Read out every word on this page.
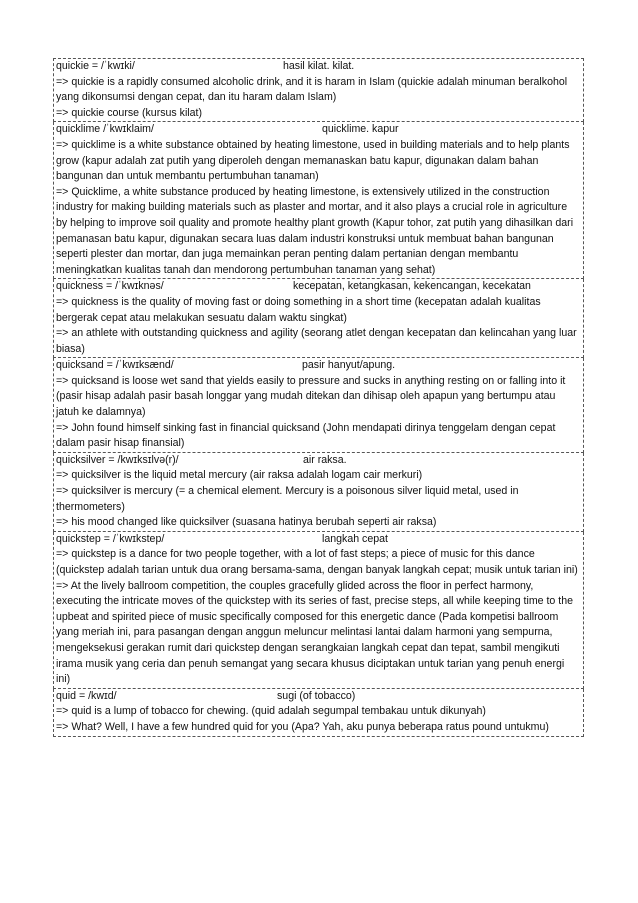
quickie = /ˈkwɪki/	hasil kilat. kilat.
=> quickie is a rapidly consumed alcoholic drink, and it is haram in Islam (quickie adalah minuman beralkohol yang dikonsumsi dengan cepat, dan itu haram dalam Islam)
=> quickie course (kursus kilat)

quicklime /ˈkwɪklaim/	quicklime. kapur
=> quicklime is a white substance obtained by heating limestone, used in building materials and to help plants grow (kapur adalah zat putih yang diperoleh dengan memanaskan batu kapur, digunakan dalam bahan bangunan dan untuk membantu pertumbuhan tanaman)
=> Quicklime, a white substance produced by heating limestone, is extensively utilized in the construction industry for making building materials such as plaster and mortar, and it also plays a crucial role in agriculture by helping to improve soil quality and promote healthy plant growth (Kapur tohor, zat putih yang dihasilkan dari pemanasan batu kapur, digunakan secara luas dalam industri konstruksi untuk membuat bahan bangunan seperti plester dan mortar, dan juga memainkan peran penting dalam pertanian dengan membantu meningkatkan kualitas tanah dan mendorong pertumbuhan tanaman yang sehat)

quickness = /ˈkwɪknəs/	kecepatan, ketangkasan, kekencangan, kecekatan
=> quickness is the quality of moving fast or doing something in a short time (kecepatan adalah kualitas bergerak cepat atau melakukan sesuatu dalam waktu singkat)
=> an athlete with outstanding quickness and agility (seorang atlet dengan kecepatan dan kelincahan yang luar biasa)

quicksand = /ˈkwɪksænd/	pasir hanyut/apung.
=> quicksand is loose wet sand that yields easily to pressure and sucks in anything resting on or falling into it (pasir hisap adalah pasir basah longgar yang mudah ditekan dan dihisap oleh apapun yang bertumpu atau jatuh ke dalamnya)
=> John found himself sinking fast in financial quicksand (John mendapati dirinya tenggelam dengan cepat dalam pasir hisap finansial)

quicksilver = /kwɪksɪlvə(r)/	air raksa.
=> quicksilver is the liquid metal mercury (air raksa adalah logam cair merkuri)
=> quicksilver is mercury (= a chemical element. Mercury is a poisonous silver liquid metal, used in thermometers)
=> his mood changed like quicksilver (suasana hatinya berubah seperti air raksa)

quickstep = /ˈkwɪkstep/	langkah cepat
=> quickstep is a dance for two people together, with a lot of fast steps; a piece of music for this dance (quickstep adalah tarian untuk dua orang bersama-sama, dengan banyak langkah cepat; musik untuk tarian ini)
=> At the lively ballroom competition, the couples gracefully glided across the floor in perfect harmony, executing the intricate moves of the quickstep with its series of fast, precise steps, all while keeping time to the upbeat and spirited piece of music specifically composed for this energetic dance (Pada kompetisi ballroom yang meriah ini, para pasangan dengan anggun meluncur melintasi lantai dalam harmoni yang sempurna, mengeksekusi gerakan rumit dari quickstep dengan serangkaian langkah cepat dan tepat, sambil mengikuti irama musik yang ceria dan penuh semangat yang secara khusus diciptakan untuk tarian yang penuh energi ini)

quid = /kwɪd/	sugi (of tobacco)
=> quid is a lump of tobacco for chewing. (quid adalah segumpal tembakau untuk dikunyah)
=> What? Well, I have a few hundred quid for you (Apa? Yah, aku punya beberapa ratus pound untukmu)
